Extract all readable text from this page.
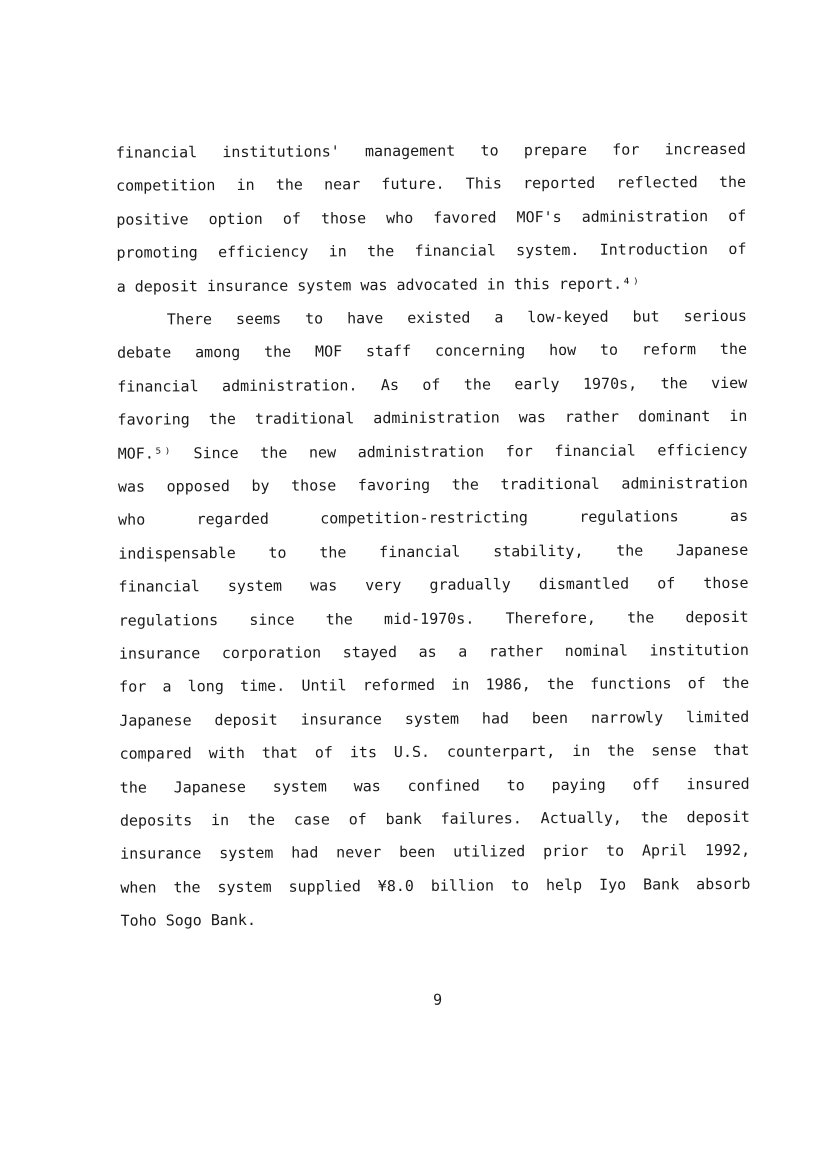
financial institutions' management to prepare for increased
competition in the near future. This reported reflected the
positive option of those who favored MOF's administration of
promoting efficiency in the financial system. Introduction of
a deposit insurance system was advocated in this report.⁴⁾
There seems to have existed a low-keyed but serious
debate among the MOF staff concerning how to reform the
financial administration. As of the early 1970s, the view
favoring the traditional administration was rather dominant in
MOF.⁵⁾ Since the new administration for financial efficiency
was opposed by those favoring the traditional administration
who	regarded	competition-restricting	regulations	as
indispensable to the financial stability, the Japanese
financial system was very gradually dismantled of those
regulations since the mid-1970s. Therefore, the deposit
insurance corporation stayed as a rather nominal institution
for a long time. Until reformed in 1986, the functions of the
Japanese deposit insurance system had been narrowly limited
compared with that of its U.S. counterpart, in the sense that
the Japanese system was confined to paying off insured
deposits in the case of bank failures. Actually, the deposit
insurance system had never been utilized prior to April 1992,
when the system supplied ¥8.0 billion to help Iyo Bank absorb
Toho Sogo Bank.
9
